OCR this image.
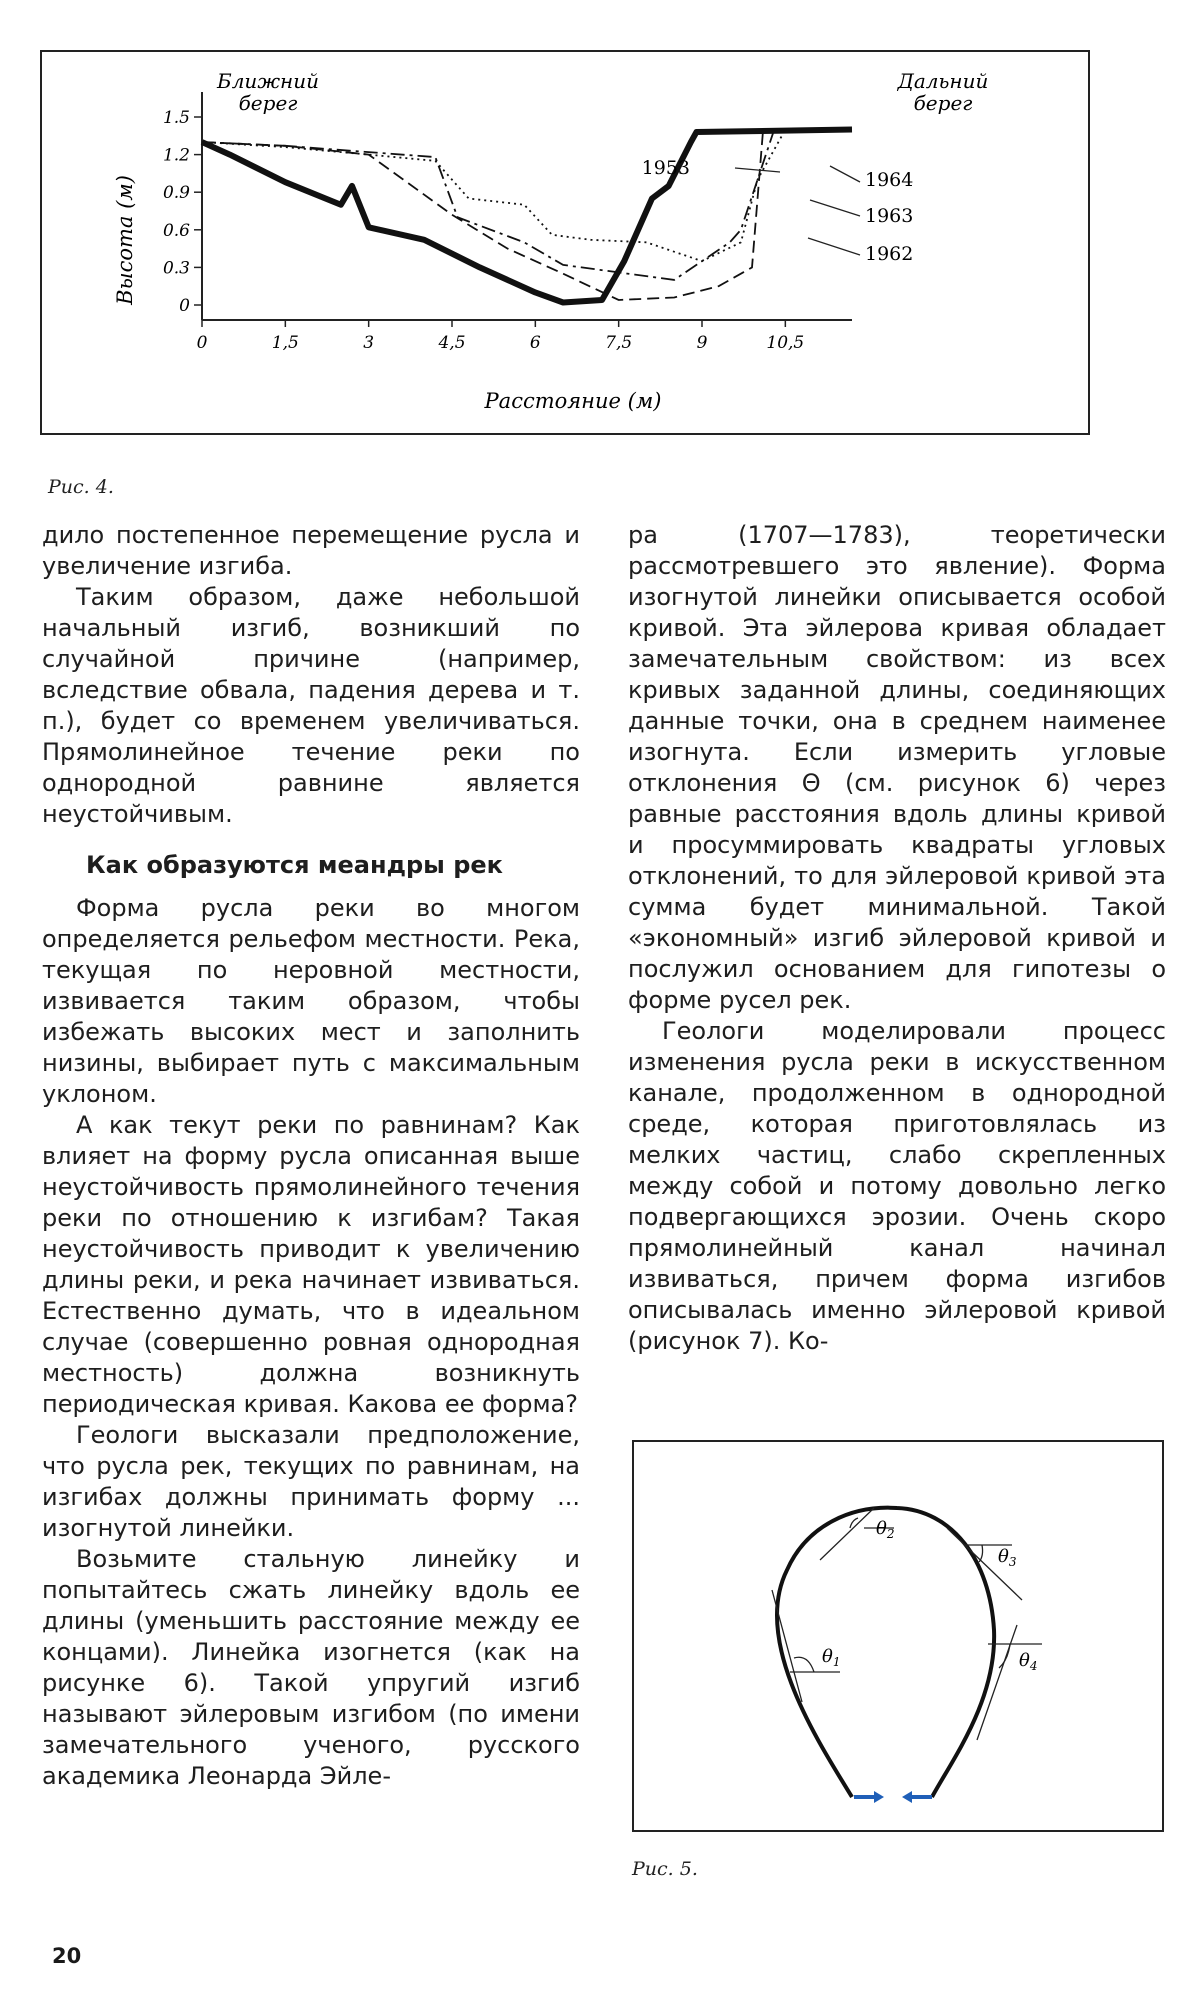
Ближний
берег
Дальний
берег
Высота (м)
Расстояние (м)
0
0.3
0.6
0.9
1.2
1.5
0	1,5	3	4,5	6	7,5	9	10,5
1953
1964
1963
1962
Рис. 4.

дило постепенное перемещение русла и увеличение изгиба.

Таким образом, даже небольшой начальный изгиб, возникший по случайной причине (например, вследствие обвала, падения дерева и т. п.), будет со временем увеличиваться. Прямолинейное течение реки по однородной равнине является неустойчивым.

Как образуются меандры рек

Форма русла реки во многом определяется рельефом местности. Река, текущая по неровной местности, извивается таким образом, чтобы избежать высоких мест и заполнить низины, выбирает путь с максимальным уклоном.

А как текут реки по равнинам? Как влияет на форму русла описанная выше неустойчивость прямолинейного течения реки по отношению к изгибам? Такая неустойчивость приводит к увеличению длины реки, и река начинает извиваться. Естественно думать, что в идеальном случае (совершенно ровная однородная местность) должна возникнуть периодическая кривая. Какова ее форма?

Геологи высказали предположение, что русла рек, текущих по равнинам, на изгибах должны принимать форму ... изогнутой линейки.

Возьмите стальную линейку и попытайтесь сжать линейку вдоль ее длины (уменьшить расстояние между ее концами). Линейка изогнется (как на рисунке 6). Такой упругий изгиб называют эйлеровым изгибом (по имени замечательного ученого, русского академика Леонарда Эйле-

ра (1707—1783), теоретически рассмотревшего это явление). Форма изогнутой линейки описывается особой кривой. Эта эйлерова кривая обладает замечательным свойством: из всех кривых заданной длины, соединяющих данные точки, она в среднем наименее изогнута. Если измерить угловые отклонения Θ (см. рисунок 6) через равные расстояния вдоль длины кривой и просуммировать квадраты угловых отклонений, то для эйлеровой кривой эта сумма будет минимальной. Такой «экономный» изгиб эйлеровой кривой и послужил основанием для гипотезы о форме русел рек.

Геологи моделировали процесс изменения русла реки в искусственном канале, продолженном в однородной среде, которая приготовлялась из мелких частиц, слабо скрепленных между собой и потому довольно легко подвергающихся эрозии. Очень скоро прямолинейный канал начинал извиваться, причем форма изгибов описывалась именно эйлеровой кривой (рисунок 7). Ко-

$\theta_1$
$\theta_2$
$\theta_3$
$\theta_4$
Рис. 5.
20
